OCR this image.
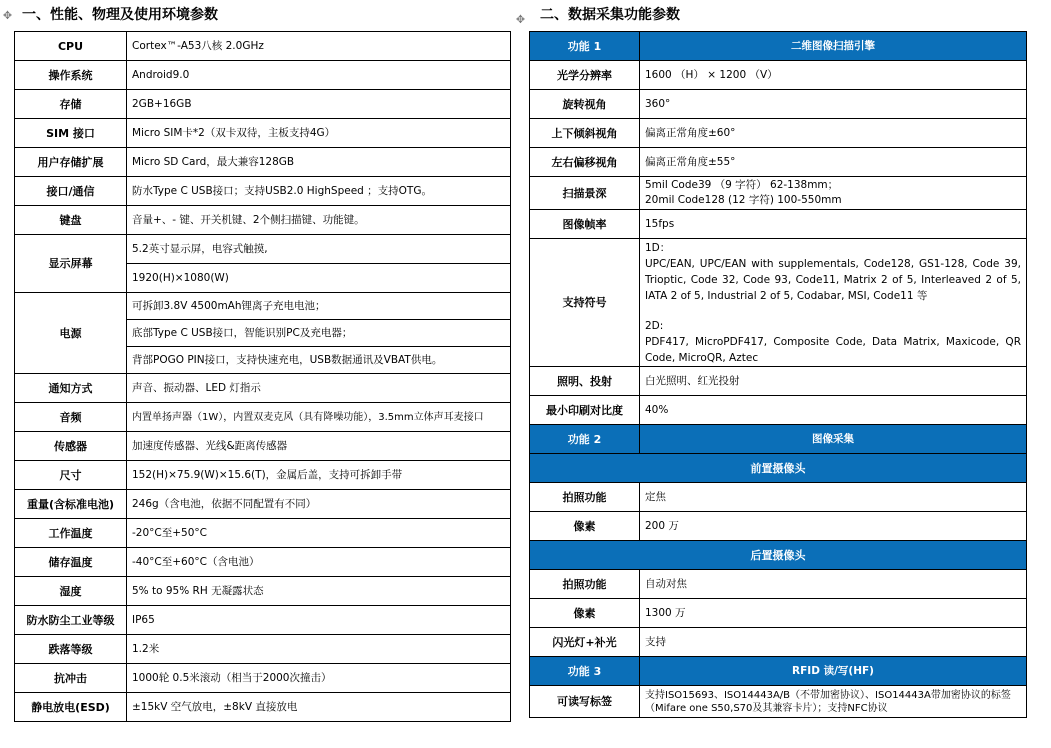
✥	✥
一、性能、物理及使用环境参数	二、数据采集功能参数
CPU	Cortex™-A53八核 2.0GHz
操作系统	Android9.0
存储	2GB+16GB
SIM 接口	Micro SIM卡*2（双卡双待，主板支持4G）
用户存储扩展	Micro SD Card，最大兼容128GB
接口/通信	防水Type C USB接口；支持USB2.0 HighSpeed ；支持OTG。
键盘	音量+、- 键、开关机键、2个侧扫描键、功能键。
显示屏幕	5.2英寸显示屏，电容式触摸,
	1920(H)×1080(W)
电源	可拆卸3.8V 4500mAh锂离子充电电池；
	底部Type C USB接口，智能识别PC及充电器；
	背部POGO PIN接口，支持快速充电，USB数据通讯及VBAT供电。
通知方式	声音、振动器、LED 灯指示
音频	内置单扬声器（1W），内置双麦克风（具有降噪功能），3.5mm立体声耳麦接口
传感器	加速度传感器、光线&距离传感器
尺寸	152(H)×75.9(W)×15.6(T)，金属后盖，支持可拆卸手带
重量(含标准电池)	246g（含电池，依据不同配置有不同）
工作温度	-20°C至+50°C
储存温度	-40°C至+60°C（含电池）
湿度	5% to 95% RH 无凝露状态
防水防尘工业等级	IP65
跌落等级	1.2米
抗冲击	1000轮 0.5米滚动（相当于2000次撞击）
静电放电(ESD)	±15kV 空气放电，±8kV 直接放电
功能 1	二维图像扫描引擎
光学分辨率	1600 （H） × 1200 （V）
旋转视角	360°
上下倾斜视角	偏离正常角度±60°
左右偏移视角	偏离正常角度±55°
扫描景深	5mil Code39 （9 字符） 62-138mm；
20mil Code128 (12 字符) 100-550mm

图像帧率	15fps
支持符号	1D：
UPC/EAN, UPC/EAN with supplementals, Code128, GS1-128, Code 39, Trioptic, Code 32, Code 93, Code11, Matrix 2 of 5, Interleaved 2 of 5, IATA 2 of 5, Industrial 2 of 5, Codabar, MSI, Code11 等
2D:
PDF417, MicroPDF417, Composite Code, Data Matrix, Maxicode, QR Code, MicroQR, Aztec

照明、投射	白光照明、红光投射
最小印刷对比度	40%
功能 2	图像采集
前置摄像头	
拍照功能	定焦
像素	200 万
后置摄像头	
拍照功能	自动对焦
像素	1300 万
闪光灯+补光	支持
功能 3	RFID 读/写(HF)
可读写标签	支持ISO15693、ISO14443A/B（不带加密协议）、ISO14443A带加密协议的标签（Mifare one S50,S70及其兼容卡片）；支持NFC协议
